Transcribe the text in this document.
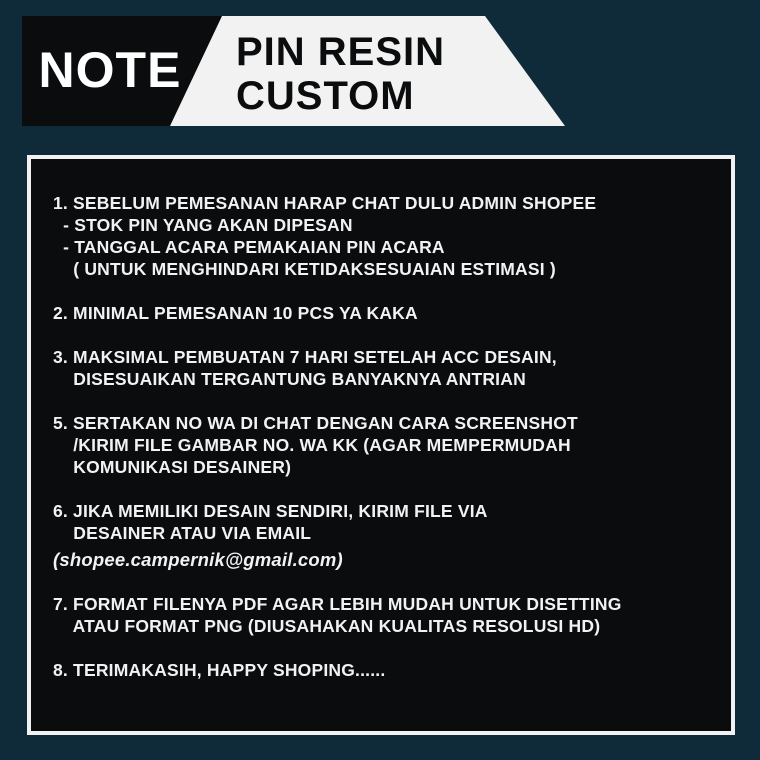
NOTE PIN RESIN
CUSTOM
1. SEBELUM PEMESANAN HARAP CHAT DULU ADMIN SHOPEE
- STOK PIN YANG AKAN DIPESAN
- TANGGAL ACARA PEMAKAIAN PIN ACARA
( UNTUK MENGHINDARI KETIDAKSESUAIAN ESTIMASI )
2. MINIMAL PEMESANAN 10 PCS YA KAKA
3. MAKSIMAL PEMBUATAN 7 HARI SETELAH ACC DESAIN,
DISESUAIKAN TERGANTUNG BANYAKNYA ANTRIAN
5. SERTAKAN NO WA DI CHAT DENGAN CARA SCREENSHOT
/KIRIM FILE GAMBAR NO. WA KK (AGAR MEMPERMUDAH
KOMUNIKASI DESAINER)
6. JIKA MEMILIKI DESAIN SENDIRI, KIRIM FILE VIA
DESAINER ATAU VIA EMAIL
(shopee.campernik@gmail.com)
7. FORMAT FILENYA PDF AGAR LEBIH MUDAH UNTUK DISETTING
ATAU FORMAT PNG (DIUSAHAKAN KUALITAS RESOLUSI HD)
8. TERIMAKASIH, HAPPY SHOPING......
